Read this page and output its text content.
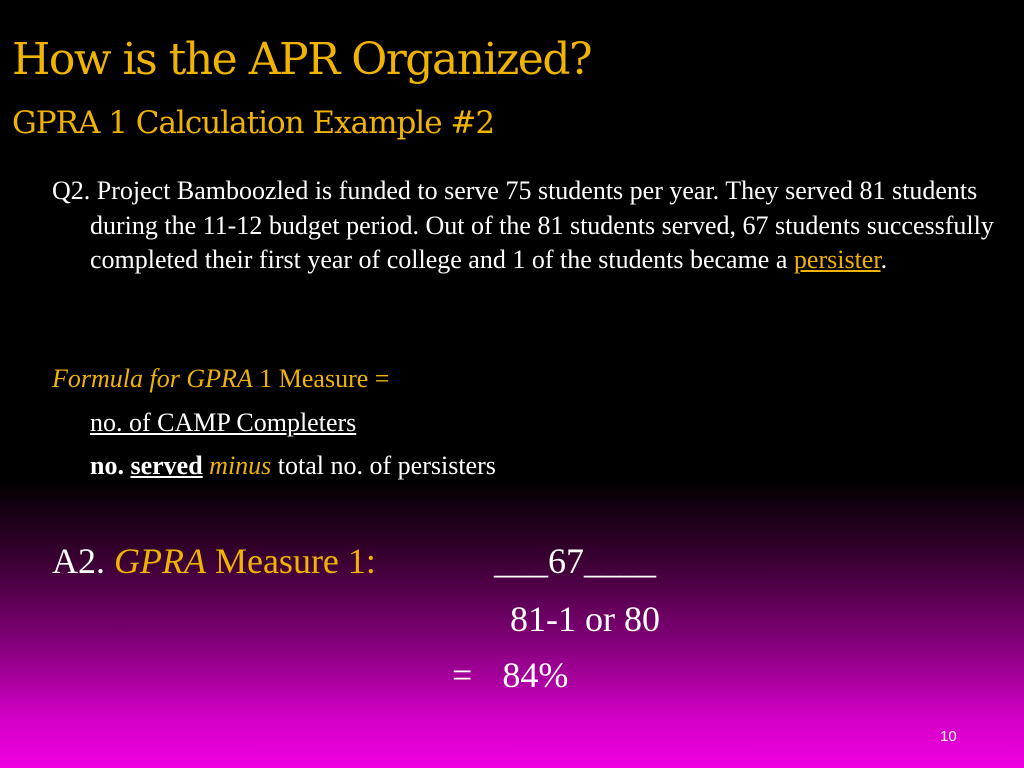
How is the APR Organized?
GPRA 1 Calculation Example #2

Q2. Project Bamboozled is funded to serve 75 students per year. They served 81 students during the 11-12 budget period. Out of the 81 students served, 67 students successfully completed their first year of college and 1 of the students became a persister.

Formula for GPRA 1 Measure =

no. of CAMP Completers

no. served minus total no. of persisters

A2. GPRA Measure 1:	___67____

81-1 or 80

= 84%

10
